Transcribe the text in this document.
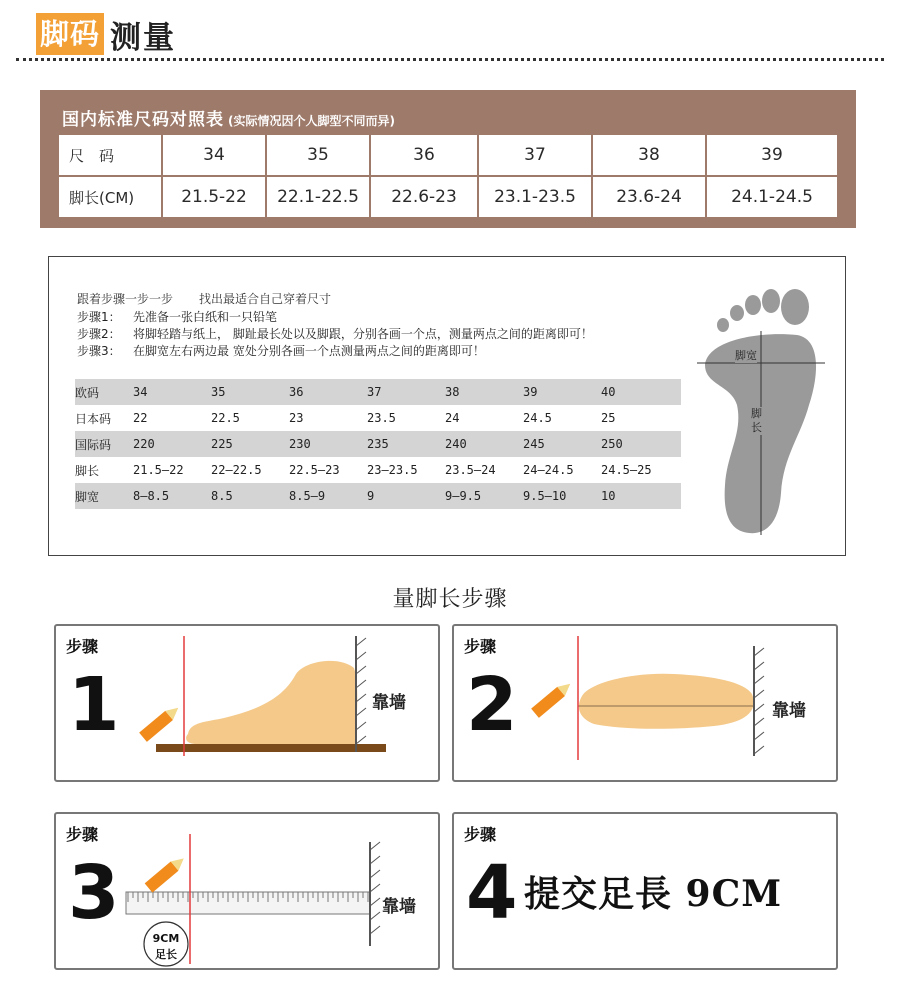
脚码 测量
国内标准尺码对照表 (实际情况因个人脚型不同而异)
尺　码	34	35	36	37	38	39
脚长(CM)	21.5-22	22.1-22.5	22.6-23	23.1-23.5	23.6-24	24.1-24.5
跟着步骤一步一步 找出最适合自己穿着尺寸
步骤1： 先准备一张白纸和一只铅笔
步骤2： 将脚轻踏与纸上， 脚趾最长处以及脚跟，分别各画一个点，测量两点之间的距离即可！
步骤3： 在脚宽左右两边最 宽处分别各画一个点测量两点之间的距离即可！
欧码	34	35	36	37	38	39	40
日本码	22	22.5	23	23.5	24	24.5	25
国际码	220	225	230	235	240	245	250
脚长	21.5—22	22—22.5	22.5—23	23—23.5	23.5—24	24—24.5	24.5—25
脚宽	8—8.5	8.5	8.5—9	9	9—9.5	9.5—10	10
脚宽
脚长
量脚长步骤
步骤
1	靠墙
步骤
2	靠墙
步骤
3
9CM
足长
靠墙
步骤
4 提交足長 9CM
